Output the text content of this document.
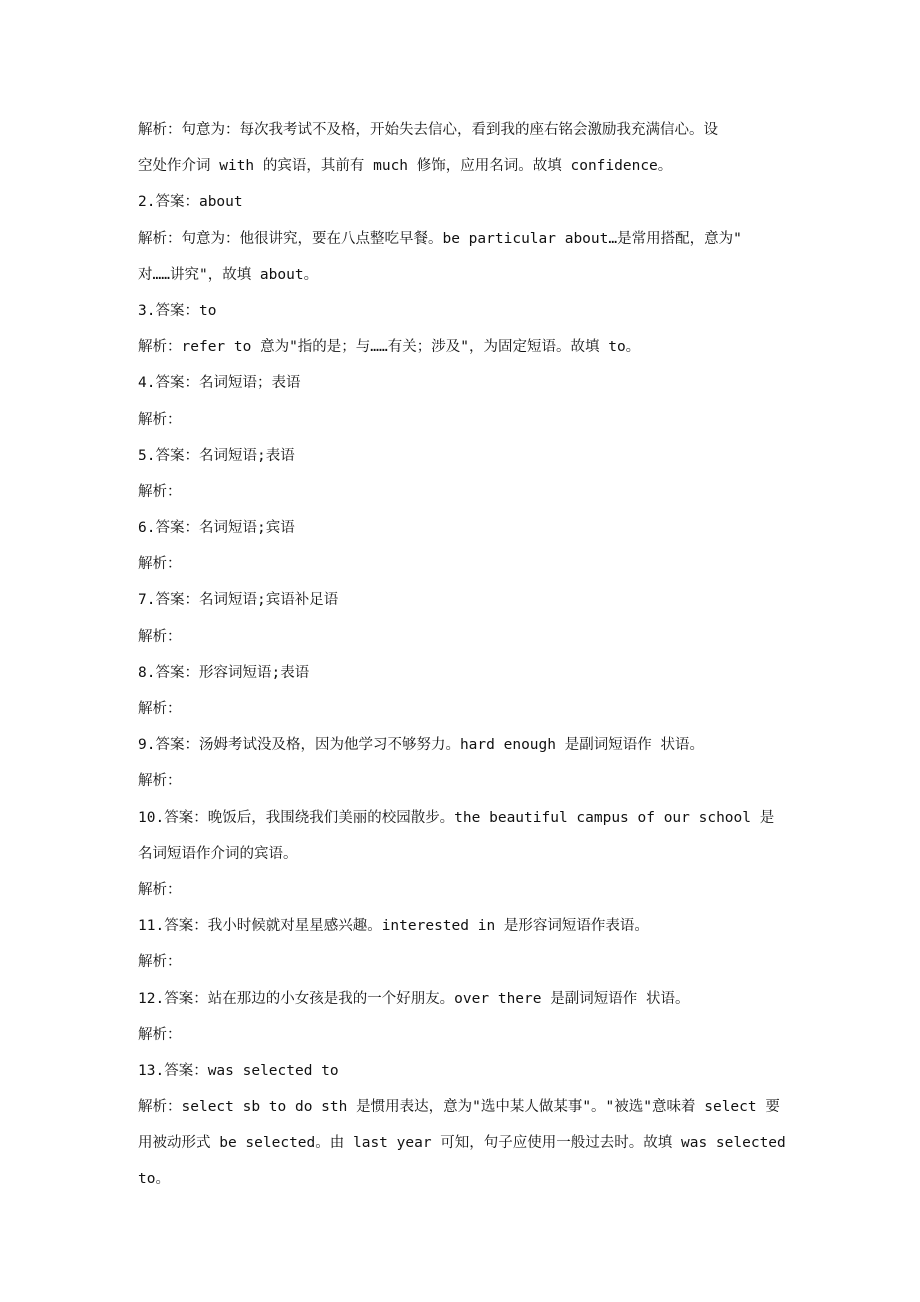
解析：句意为：每次我考试不及格，开始失去信心，看到我的座右铭会激励我充满信心。设
空处作介词 with 的宾语，其前有 much 修饰，应用名词。故填 confidence。
2.答案：about
解析：句意为：他很讲究，要在八点整吃早餐。be particular about…是常用搭配，意为"
对……讲究"，故填 about。
3.答案：to
解析：refer to 意为"指的是；与……有关；涉及"，为固定短语。故填 to。
4.答案：名词短语；表语
解析：
5.答案：名词短语;表语
解析：
6.答案：名词短语;宾语
解析：
7.答案：名词短语;宾语补足语
解析：
8.答案：形容词短语;表语
解析：
9.答案：汤姆考试没及格，因为他学习不够努力。hard enough 是副词短语作 状语。
解析：
10.答案：晚饭后，我围绕我们美丽的校园散步。the beautiful campus of our school 是
名词短语作介词的宾语。
解析：
11.答案：我小时候就对星星感兴趣。interested in 是形容词短语作表语。
解析：
12.答案：站在那边的小女孩是我的一个好朋友。over there 是副词短语作 状语。
解析：
13.答案：was selected to
解析：select sb to do sth 是惯用表达，意为"选中某人做某事"。"被选"意味着 select 要
用被动形式 be selected。由 last year 可知，句子应使用一般过去时。故填 was selected
to。
